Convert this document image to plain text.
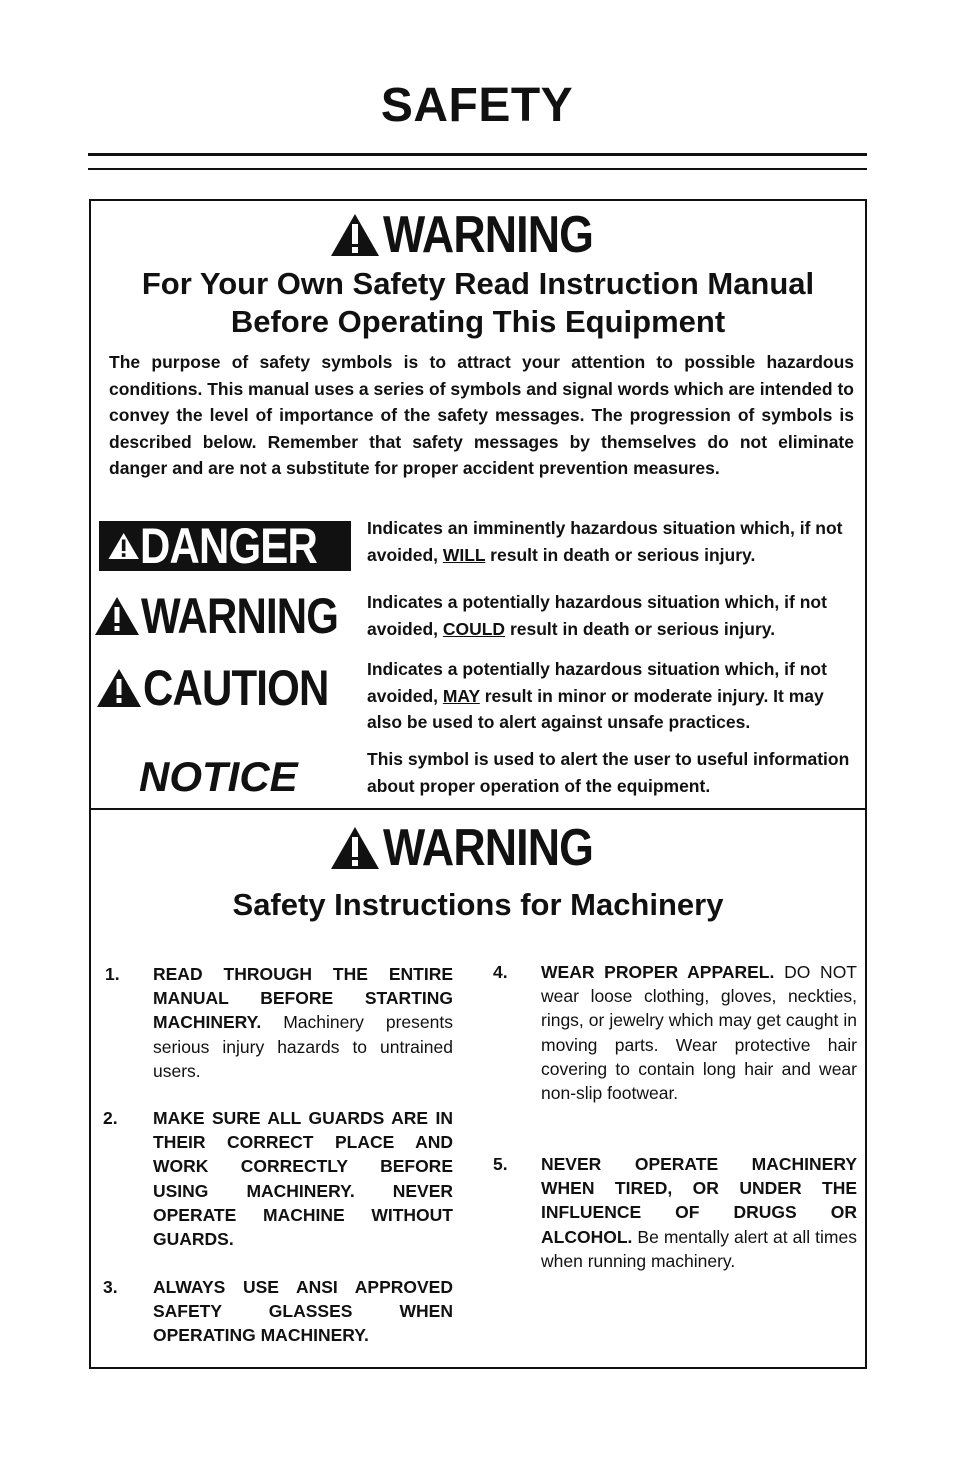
SAFETY
WARNING
For Your Own Safety Read Instruction Manual
Before Operating This Equipment
The purpose of safety symbols is to attract your attention to possible hazardous conditions. This manual uses a series of symbols and signal words which are intended to convey the level of importance of the safety messages. The progression of symbols is described below. Remember that safety messages by themselves do not eliminate danger and are not a substitute for proper accident prevention measures.
DANGER	Indicates an imminently hazardous situation which, if not avoided, WILL result in death or serious injury.
WARNING Indicates a potentially hazardous situation which, if not avoided, COULD result in death or serious injury.
CAUTION Indicates a potentially hazardous situation which, if not avoided, MAY result in minor or moderate injury. It may also be used to alert against unsafe practices.
NOTICE	This symbol is used to alert the user to useful information about proper operation of the equipment.
WARNING
Safety Instructions for Machinery
1. READ THROUGH THE ENTIRE MANUAL BEFORE STARTING MACHINERY. Machinery presents serious injury hazards to untrained users.
2. MAKE SURE ALL GUARDS ARE IN THEIR CORRECT PLACE AND WORK CORRECTLY BEFORE USING MACHINERY. NEVER OPERATE MACHINE WITHOUT GUARDS.
3. ALWAYS USE ANSI APPROVED SAFETY GLASSES WHEN OPERATING MACHINERY.
4. WEAR PROPER APPAREL. DO NOT wear loose clothing, gloves, neckties, rings, or jewelry which may get caught in moving parts. Wear protective hair covering to contain long hair and wear non-slip footwear.
5. NEVER OPERATE MACHINERY WHEN TIRED, OR UNDER THE INFLUENCE OF DRUGS OR ALCOHOL. Be mentally alert at all times when running machinery.
